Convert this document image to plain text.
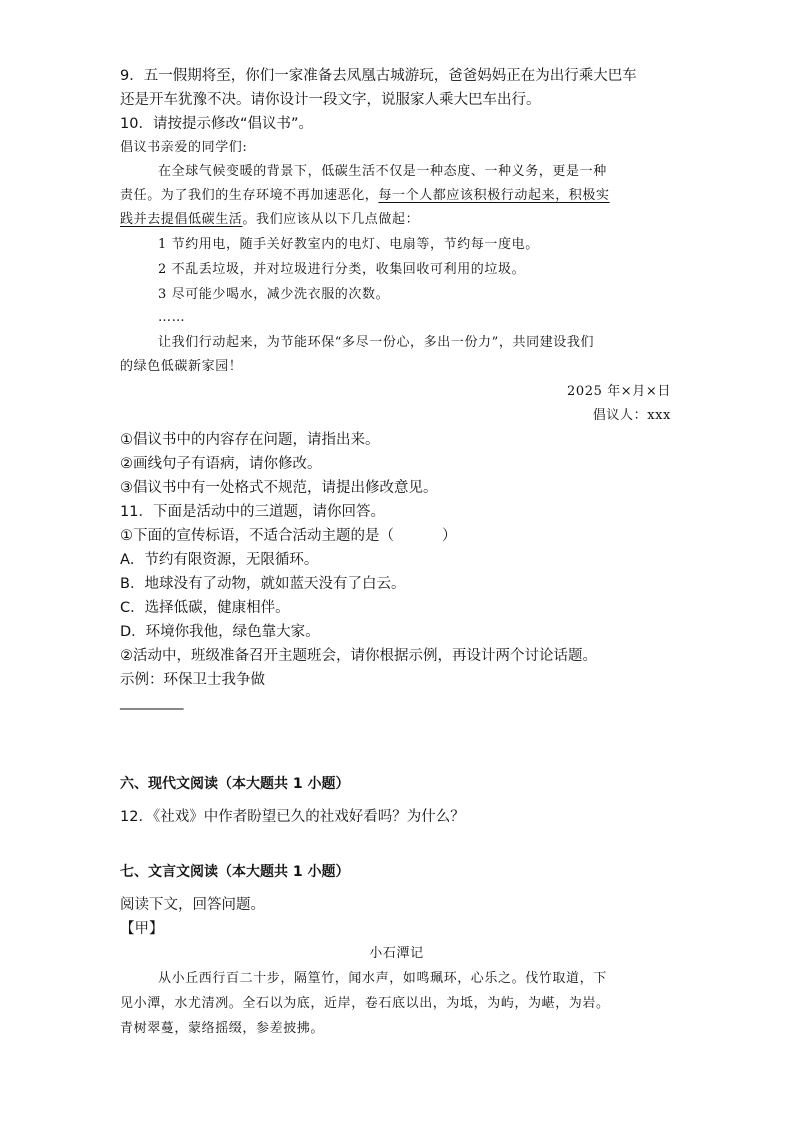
9．五一假期将至，你们一家准备去凤凰古城游玩，爸爸妈妈正在为出行乘大巴车
还是开车犹豫不决。请你设计一段文字，说服家人乘大巴车出行。
10．请按提示修改“倡议书”。
倡议书亲爱的同学们:
在全球气候变暖的背景下，低碳生活不仅是一种态度、一种义务，更是一种
责任。为了我们的生存环境不再加速恶化，每一个人都应该积极行动起来，积极实
践并去提倡低碳生活。我们应该从以下几点做起：
1 节约用电，随手关好教室内的电灯、电扇等，节约每一度电。
2 不乱丢垃圾，并对垃圾进行分类，收集回收可利用的垃圾。
3 尽可能少喝水，减少洗衣服的次数。
……
让我们行动起来，为节能环保“多尽一份心，多出一份力”，共同建设我们
的绿色低碳新家园！
2025 年×月×日
倡议人：xxx
①倡议书中的内容存在问题，请指出来。
②画线句子有语病，请你修改。
③倡议书中有一处格式不规范，请提出修改意见。
11．下面是活动中的三道题，请你回答。
①下面的宣传标语，不适合活动主题的是（	）
A．节约有限资源，无限循环。
B．地球没有了动物，就如蓝天没有了白云。
C．选择低碳，健康相伴。
D．环境你我他，绿色靠大家。
②活动中，班级准备召开主题班会，请你根据示例，再设计两个讨论话题。
示例：环保卫士我争做
__________
六、现代文阅读（本大题共 1 小题）
12．《社戏》中作者盼望已久的社戏好看吗？为什么？
七、文言文阅读（本大题共 1 小题）
阅读下文，回答问题。
【甲】
小石潭记
从小丘西行百二十步，隔篁竹，闻水声，如鸣珮环，心乐之。伐竹取道，下
见小潭，水尤清冽。全石以为底，近岸，卷石底以出，为坻，为屿，为嵁，为岩。
青树翠蔓，蒙络摇缀，参差披拂。
